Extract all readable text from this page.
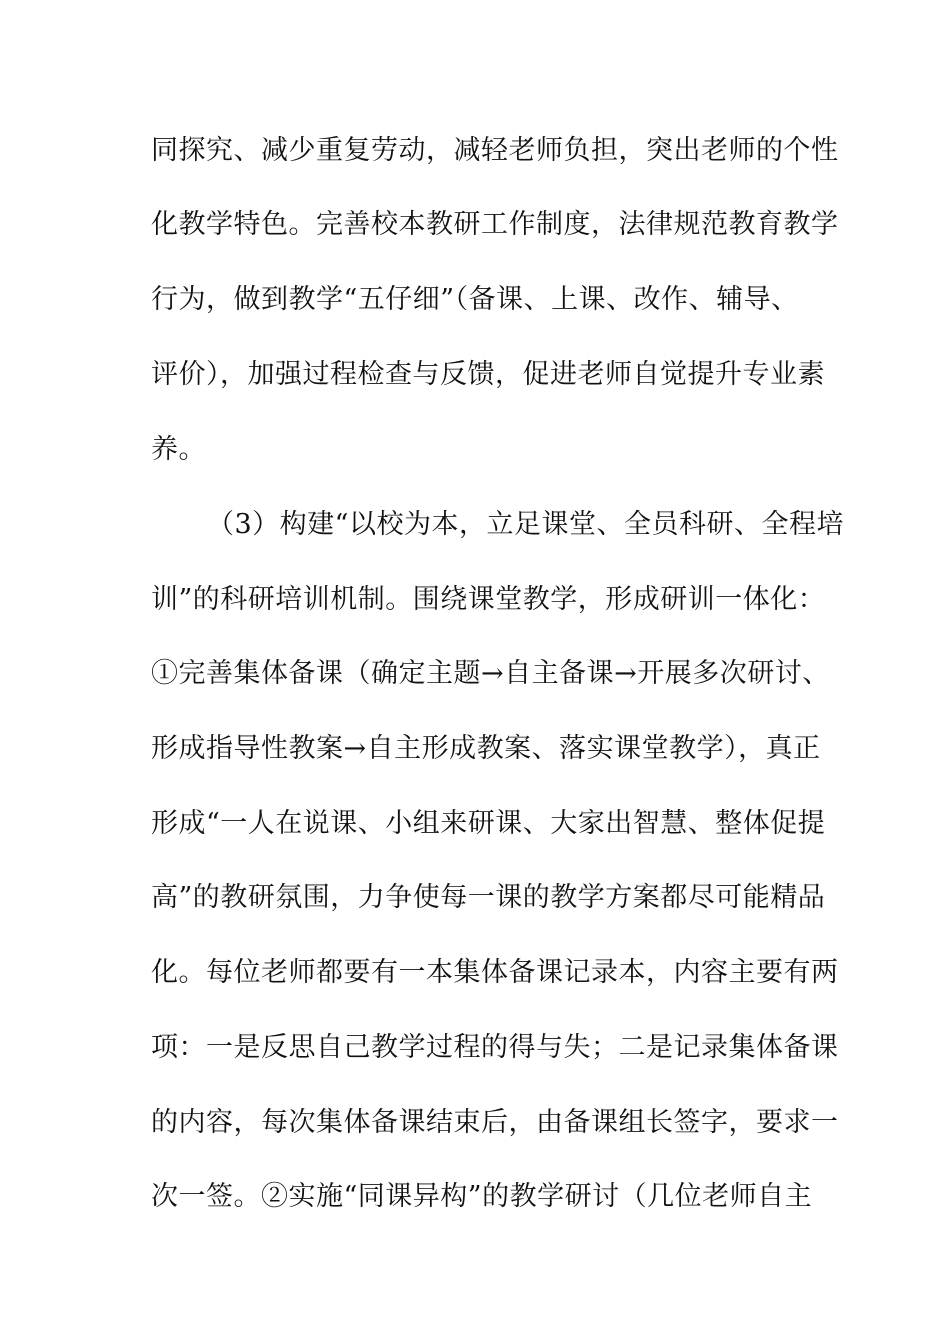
同探究、减少重复劳动，减轻老师负担，突出老师的个性
化教学特色。完善校本教研工作制度，法律规范教育教学
行为，做到教学“五仔细”（备课、上课、改作、辅导、
评价），加强过程检查与反馈，促进老师自觉提升专业素
养。
（3）构建“以校为本，立足课堂、全员科研、全程培
训”的科研培训机制。围绕课堂教学，形成研训一体化：
①完善集体备课（确定主题→自主备课→开展多次研讨、
形成指导性教案→自主形成教案、落实课堂教学），真正
形成“一人在说课、小组来研课、大家出智慧、整体促提
高”的教研氛围，力争使每一课的教学方案都尽可能精品
化。每位老师都要有一本集体备课记录本，内容主要有两
项：一是反思自己教学过程的得与失；二是记录集体备课
的内容，每次集体备课结束后，由备课组长签字，要求一
次一签。②实施“同课异构”的教学研讨（几位老师自主
